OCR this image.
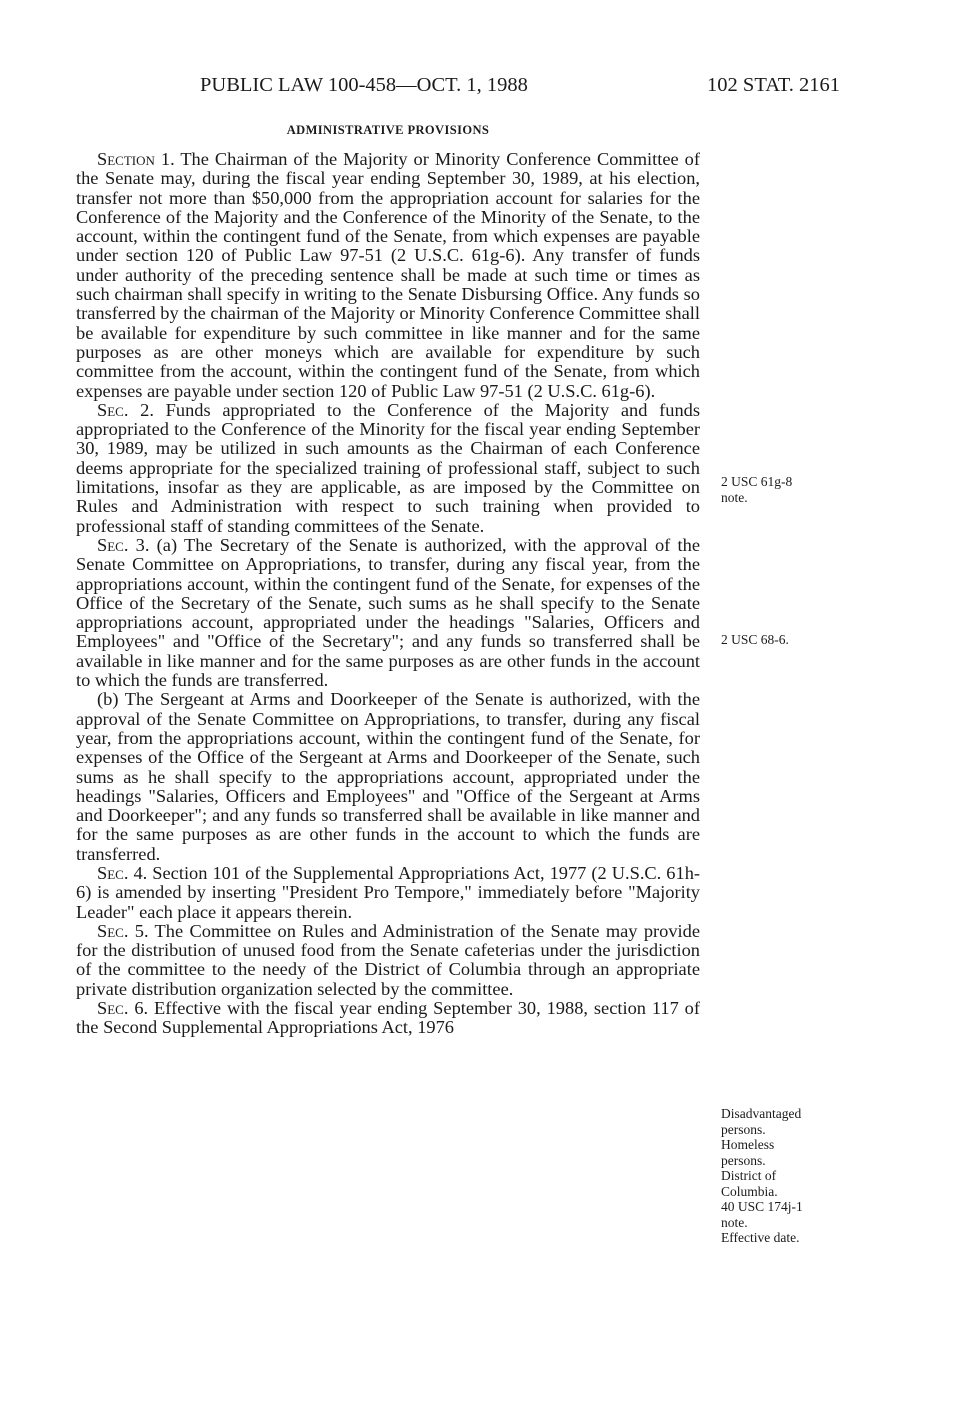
PUBLIC LAW 100-458—OCT. 1, 1988	102 STAT. 2161
ADMINISTRATIVE PROVISIONS

Section 1. The Chairman of the Majority or Minority Conference Committee of the Senate may, during the fiscal year ending September 30, 1989, at his election, transfer not more than $50,000 from the appropriation account for salaries for the Conference of the Majority and the Conference of the Minority of the Senate, to the account, within the contingent fund of the Senate, from which expenses are payable under section 120 of Public Law 97-51 (2 U.S.C. 61g-6). Any transfer of funds under authority of the preceding sentence shall be made at such time or times as such chairman shall specify in writing to the Senate Disbursing Office. Any funds so transferred by the chairman of the Majority or Minority Conference Committee shall be available for expenditure by such committee in like manner and for the same purposes as are other moneys which are available for expenditure by such committee from the account, within the contingent fund of the Senate, from which expenses are payable under section 120 of Public Law 97-51 (2 U.S.C. 61g-6).

Sec. 2. Funds appropriated to the Conference of the Majority and funds appropriated to the Conference of the Minority for the fiscal year ending September 30, 1989, may be utilized in such amounts as the Chairman of each Conference deems appropriate for the specialized training of professional staff, subject to such limitations, insofar as they are applicable, as are imposed by the Committee on Rules and Administration with respect to such training when provided to professional staff of standing committees of the Senate.

Sec. 3. (a) The Secretary of the Senate is authorized, with the approval of the Senate Committee on Appropriations, to transfer, during any fiscal year, from the appropriations account, within the contingent fund of the Senate, for expenses of the Office of the Secretary of the Senate, such sums as he shall specify to the Senate appropriations account, appropriated under the headings "Salaries, Officers and Employees" and "Office of the Secretary"; and any funds so transferred shall be available in like manner and for the same purposes as are other funds in the account to which the funds are transferred.

(b) The Sergeant at Arms and Doorkeeper of the Senate is authorized, with the approval of the Senate Committee on Appropriations, to transfer, during any fiscal year, from the appropriations account, within the contingent fund of the Senate, for expenses of the Office of the Sergeant at Arms and Doorkeeper of the Senate, such sums as he shall specify to the appropriations account, appropriated under the headings "Salaries, Officers and Employees" and "Office of the Sergeant at Arms and Doorkeeper"; and any funds so transferred shall be available in like manner and for the same purposes as are other funds in the account to which the funds are transferred.

Sec. 4. Section 101 of the Supplemental Appropriations Act, 1977 (2 U.S.C. 61h-6) is amended by inserting "President Pro Tempore," immediately before "Majority Leader" each place it appears therein.

Sec. 5. The Committee on Rules and Administration of the Senate may provide for the distribution of unused food from the Senate cafeterias under the jurisdiction of the committee to the needy of the District of Columbia through an appropriate private distribution organization selected by the committee.

Sec. 6. Effective with the fiscal year ending September 30, 1988, section 117 of the Second Supplemental Appropriations Act, 1976

2 USC 61g-8
note.
2 USC 68-6.
Disadvantaged
persons.
Homeless
persons.
District of
Columbia.
40 USC 174j-1
note.
Effective date.
